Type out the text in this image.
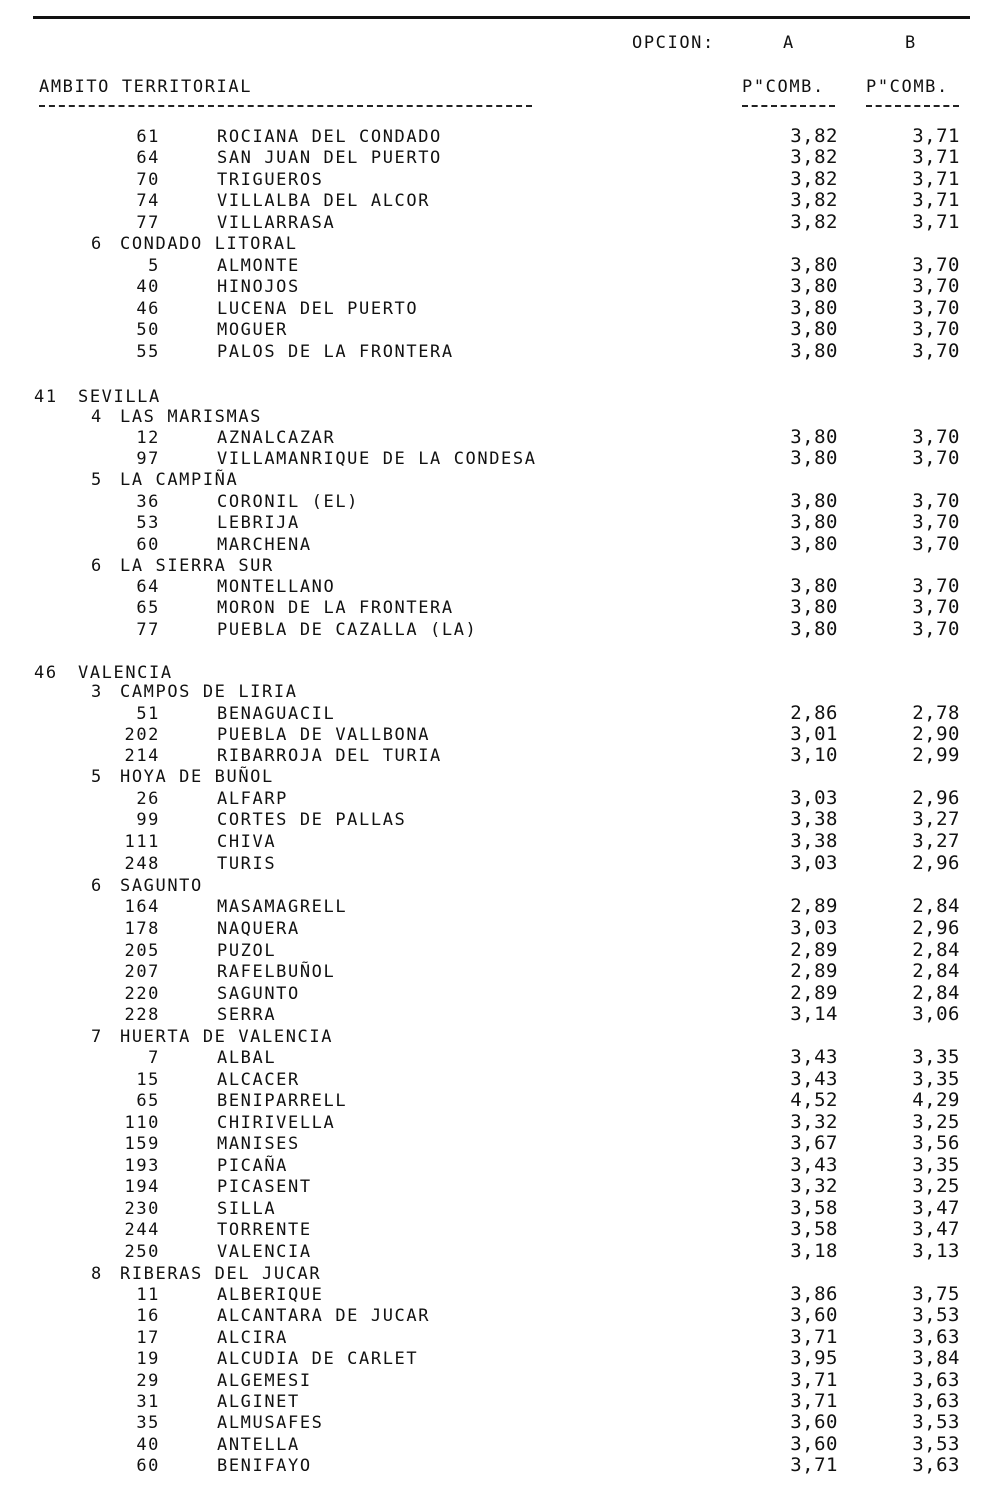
OPCION:	A	B
AMBITO TERRITORIAL	P"COMB. P"COMB.
61	ROCIANA DEL CONDADO	3,82	3,71
64	SAN JUAN DEL PUERTO	3,82	3,71
70	TRIGUEROS	3,82	3,71
74	VILLALBA DEL ALCOR	3,82	3,71
77	VILLARRASA	3,82	3,71
6 CONDADO LITORAL
5	ALMONTE	3,80	3,70
40	HINOJOS	3,80	3,70
46	LUCENA DEL PUERTO	3,80	3,70
50	MOGUER	3,80	3,70
55	PALOS DE LA FRONTERA	3,80	3,70
41 SEVILLA
4 LAS MARISMAS
12	AZNALCAZAR	3,80	3,70
97	VILLAMANRIQUE DE LA CONDESA	3,80	3,70
5 LA CAMPIÑA
36	CORONIL (EL)	3,80	3,70
53	LEBRIJA	3,80	3,70
60	MARCHENA	3,80	3,70
6 LA SIERRA SUR
64	MONTELLANO	3,80	3,70
65	MORON DE LA FRONTERA	3,80	3,70
77	PUEBLA DE CAZALLA (LA)	3,80	3,70
46 VALENCIA
3 CAMPOS DE LIRIA
51	BENAGUACIL	2,86	2,78
202	PUEBLA DE VALLBONA	3,01	2,90
214	RIBARROJA DEL TURIA	3,10	2,99
5 HOYA DE BUÑOL
26	ALFARP	3,03	2,96
99	CORTES DE PALLAS	3,38	3,27
111	CHIVA	3,38	3,27
248	TURIS	3,03	2,96
6 SAGUNTO
164	MASAMAGRELL	2,89	2,84
178	NAQUERA	3,03	2,96
205	PUZOL	2,89	2,84
207	RAFELBUÑOL	2,89	2,84
220	SAGUNTO	2,89	2,84
228	SERRA	3,14	3,06
7 HUERTA DE VALENCIA
7	ALBAL	3,43	3,35
15	ALCACER	3,43	3,35
65	BENIPARRELL	4,52	4,29
110	CHIRIVELLA	3,32	3,25
159	MANISES	3,67	3,56
193	PICAÑA	3,43	3,35
194	PICASENT	3,32	3,25
230	SILLA	3,58	3,47
244	TORRENTE	3,58	3,47
250	VALENCIA	3,18	3,13
8 RIBERAS DEL JUCAR
11	ALBERIQUE	3,86	3,75
16	ALCANTARA DE JUCAR	3,60	3,53
17	ALCIRA	3,71	3,63
19	ALCUDIA DE CARLET	3,95	3,84
29	ALGEMESI	3,71	3,63
31	ALGINET	3,71	3,63
35	ALMUSAFES	3,60	3,53
40	ANTELLA	3,60	3,53
60	BENIFAYO	3,71	3,63
